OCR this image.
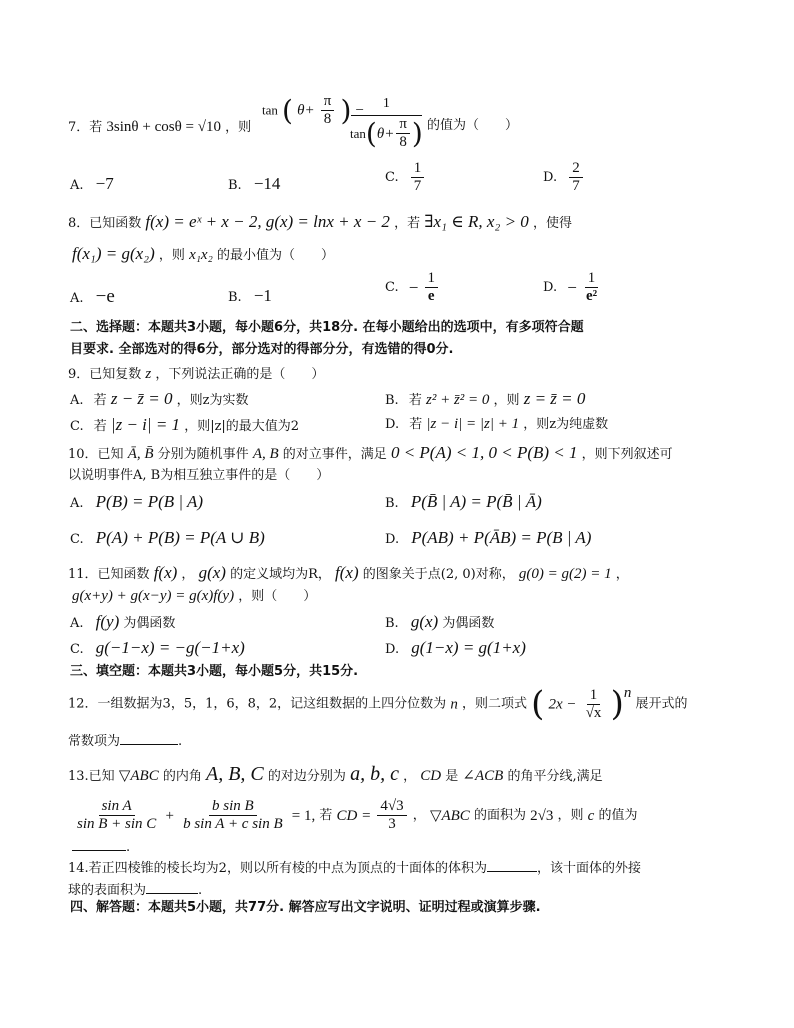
7．若 3sinθ + cosθ = √10 ，则
tan ( $\theta+ \frac{\pi}{8}$ ) −	1
tan ( $\theta+ \frac{\pi}{8}$ ) 的值为（　　）
A. −7	B. −14	C. $\frac{1}{7}$	D. $\frac{2}{7}$
8．已知函数 f(x) = eˣ + x − 2, g(x) = lnx + x − 2 ，若 ∃x₁ ∈ R, x₂ > 0 ，使得
f(x₁) = g(x₂) ，则 x₁x₂ 的最小值为（　　）
A. −e	B. −1	C. − $\frac{1}{e}$	D. − $\frac{1}{\text{e²}}$
二、选择题：本题共3小题，每小题6分，共18分. 在每小题给出的选项中，有多项符合题
目要求. 全部选对的得6分，部分选对的得部分分，有选错的得0分.
9．已知复数 z ，下列说法正确的是（　　）
A. 若 z − z̄ = 0 ，则z为实数	B. 若 z² + z̄² = 0 ，则 z = z̄ = 0
C. 若 |z − i| = 1 ，则|z|的最大值为2	D. 若 |z − i| = |z| + 1 ，则z为纯虚数
10．已知 Ā, B̄ 分别为随机事件 A, B 的对立事件，满足 0 < P(A) < 1, 0 < P(B) < 1 ，则下列叙述可
以说明事件A, B为相互独立事件的是（　　）
A. P(B) = P(B | A)	B. P(B̄ | A) = P(B̄ | Ā)
C. P(A) + P(B) = P(A ∪ B)	D. P(AB) + P(ĀB) = P(B | A)
11．已知函数 f(x) ， g(x) 的定义域均为R， f(x) 的图象关于点(2, 0)对称， g(0) = g(2) = 1 ，
g(x+y) + g(x−y) = g(x)f(y) ，则（　　）
A. f(y) 为偶函数	B. g(x) 为偶函数
C. g(−1−x) = −g(−1+x)	D. g(1−x) = g(1+x)
三、填空题：本题共3小题，每小题5分，共15分.
12．一组数据为3，5，1，6，8，2，记这组数据的上四分位数为 n ，则二项式 ( $2x - \frac{1}{√x} )^n$ 展开式的
常数项为	.
13.已知 ▽ABC 的内角 A, B, C 的对边分别为 a, b, c ， CD 是 ∠ACB 的角平分线,满足
$\frac{\text{sin A}}{\text{sin B + sin C}} + \frac{\text{b sin B}}{\text{b sin A + c sin B}} = 1$, 若 CD = $\frac{4√3}{3}$ ， ▽ABC 的面积为 2√3 ，则 c 的值为
.
14.若正四棱锥的棱长均为2，则以所有棱的中点为顶点的十面体的体积为	，该十面体的外接
球的表面积为	.
四、解答题：本题共5小题，共77分. 解答应写出文字说明、证明过程或演算步骤.
